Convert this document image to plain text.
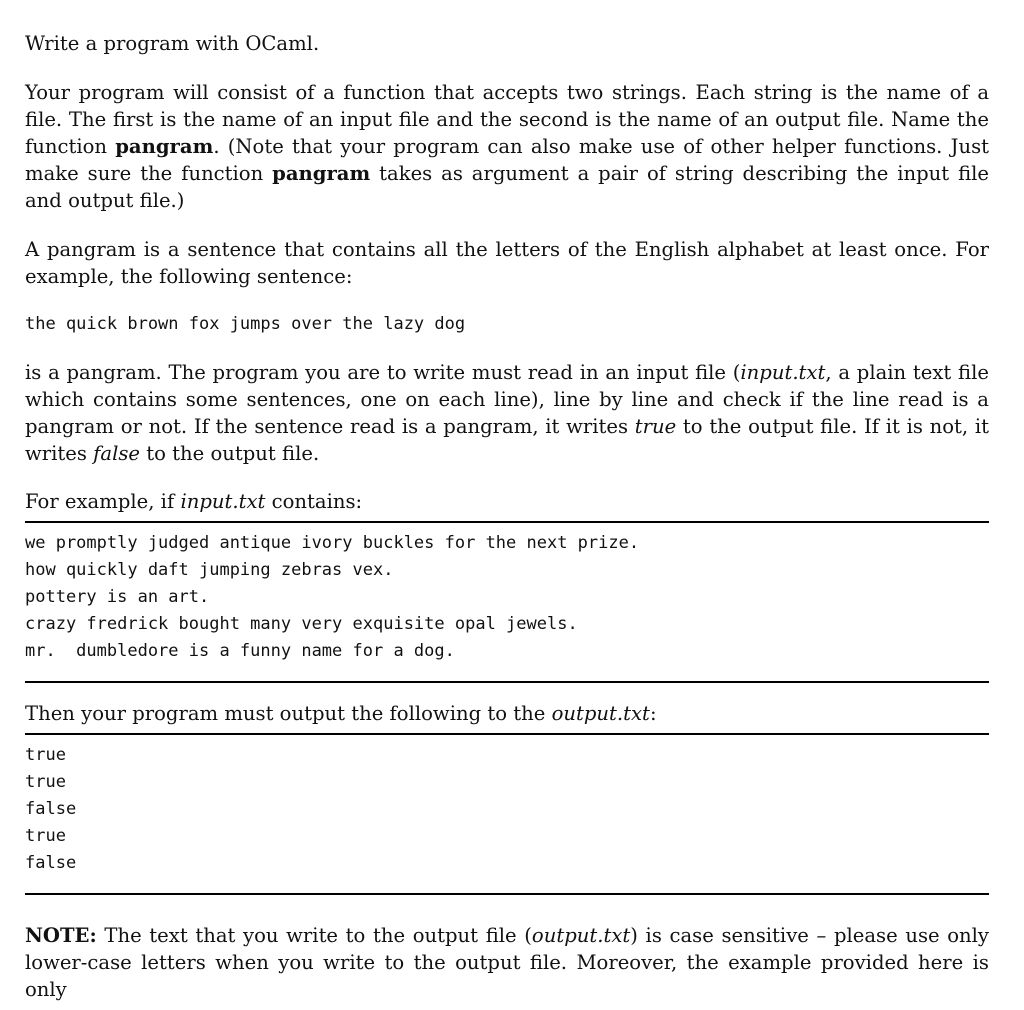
Write a program with OCaml.

Your program will consist of a function that accepts two strings. Each string is the name of a file. The first is the name of an input file and the second is the name of an output file. Name the function pangram. (Note that your program can also make use of other helper functions. Just make sure the function pangram takes as argument a pair of string describing the input file and output file.)

A pangram is a sentence that contains all the letters of the English alphabet at least once. For example, the following sentence:

the quick brown fox jumps over the lazy dog

is a pangram. The program you are to write must read in an input file (input.txt, a plain text file which contains some sentences, one on each line), line by line and check if the line read is a pangram or not. If the sentence read is a pangram, it writes true to the output file. If it is not, it writes false to the output file.

For example, if input.txt contains:

we promptly judged antique ivory buckles for the next prize.
how quickly daft jumping zebras vex.
pottery is an art.
crazy fredrick bought many very exquisite opal jewels.
mr.  dumbledore is a funny name for a dog.

Then your program must output the following to the output.txt:

true
true
false
true
false

NOTE: The text that you write to the output file (output.txt) is case sensitive – please use only lower-case letters when you write to the output file. Moreover, the example provided here is only
